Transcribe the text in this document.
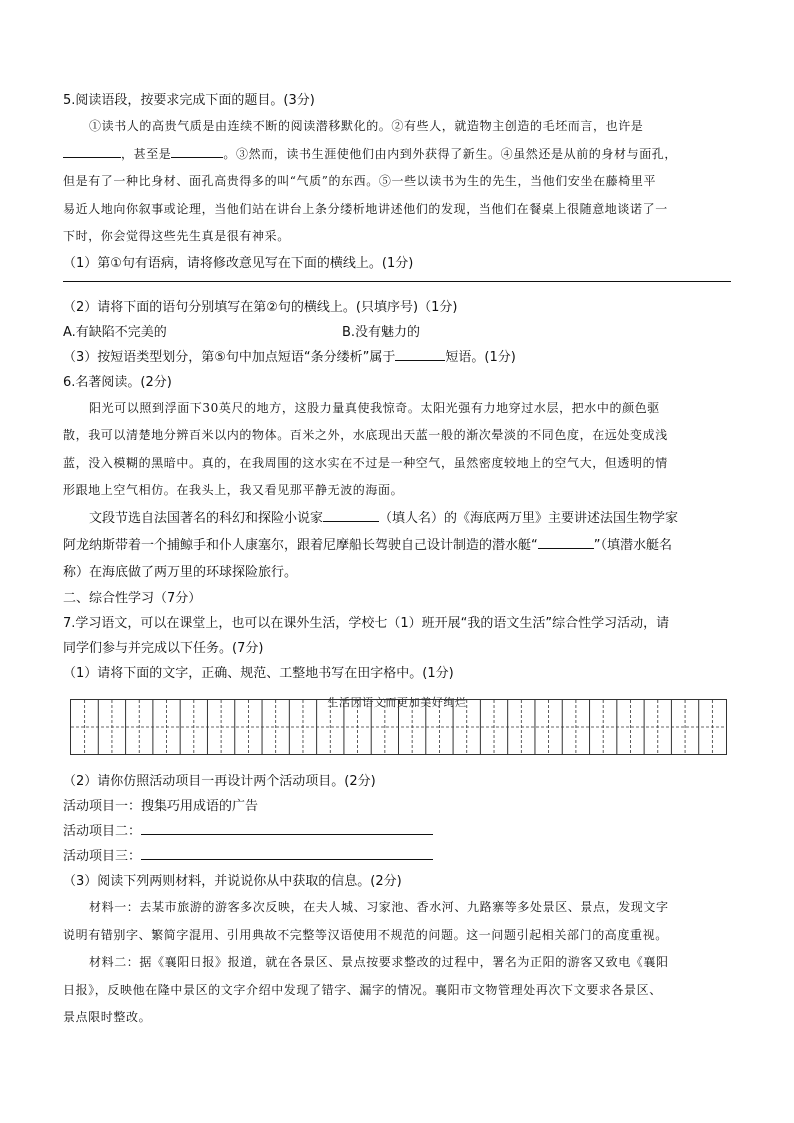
5.阅读语段，按要求完成下面的题目。(3分)
①读书人的高贵气质是由连续不断的阅读潜移默化的。②有些人，就造物主创造的毛坯而言，也许是
，甚至是	。③然而，读书生涯使他们由内到外获得了新生。④虽然还是从前的身材与面孔，
但是有了一种比身材、面孔高贵得多的叫“气质”的东西。⑤一些以读书为生的先生，当他们安坐在藤椅里平
易近人地向你叙事或论理，当他们站在讲台上条分缕析地讲述他们的发现，当他们在餐桌上很随意地谈诺了一
下时，你会觉得这些先生真是很有神采。
（1）第①句有语病，请将修改意见写在下面的横线上。(1分)
（2）请将下面的语句分别填写在第②句的横线上。(只填序号)（1分)
A.有缺陷不完美的	B.没有魅力的
（3）按短语类型划分，第⑤句中加点短语“条分缕析”属于	短语。(1分)
6.名著阅读。(2分)
阳光可以照到浮面下30英尺的地方，这股力量真使我惊奇。太阳光强有力地穿过水层，把水中的颜色驱
散，我可以清楚地分辨百米以内的物体。百米之外，水底现出天蓝一般的渐次晕淡的不同色度，在远处变成浅
蓝，没入模糊的黑暗中。真的，在我周围的这水实在不过是一种空气，虽然密度较地上的空气大，但透明的情
形跟地上空气相仿。在我头上，我又看见那平静无波的海面。
文段节选自法国著名的科幻和探险小说家	（填人名）的《海底两万里》主要讲述法国生物学家
阿龙纳斯带着一个捕鲸手和仆人康塞尔，跟着尼摩船长驾驶自己设计制造的潜水艇“	”（填潜水艇名
称）在海底做了两万里的环球探险旅行。
二、综合性学习（7分）
7.学习语文，可以在课堂上，也可以在课外生活，学校七（1）班开展“我的语文生活”综合性学习活动，请
同学们参与并完成以下任务。(7分)
（1）请将下面的文字，正确、规范、工整地书写在田字格中。(1分)
生活因语文而更加美好绚烂
（2）请你仿照活动项目一再设计两个活动项目。(2分)
活动项目一：搜集巧用成语的广告
活动项目二：
活动项目三：
（3）阅读下列两则材料，并说说你从中获取的信息。(2分)
材料一：去某市旅游的游客多次反映，在夫人城、习家池、香水河、九路寨等多处景区、景点，发现文字
说明有错别字、繁简字混用、引用典故不完整等汉语使用不规范的问题。这一问题引起相关部门的高度重视。
材料二：据《襄阳日报》报道，就在各景区、景点按要求整改的过程中，署名为正阳的游客又致电《襄阳
日报》，反映他在隆中景区的文字介绍中发现了错字、漏字的情况。襄阳市文物管理处再次下文要求各景区、
景点限时整改。
